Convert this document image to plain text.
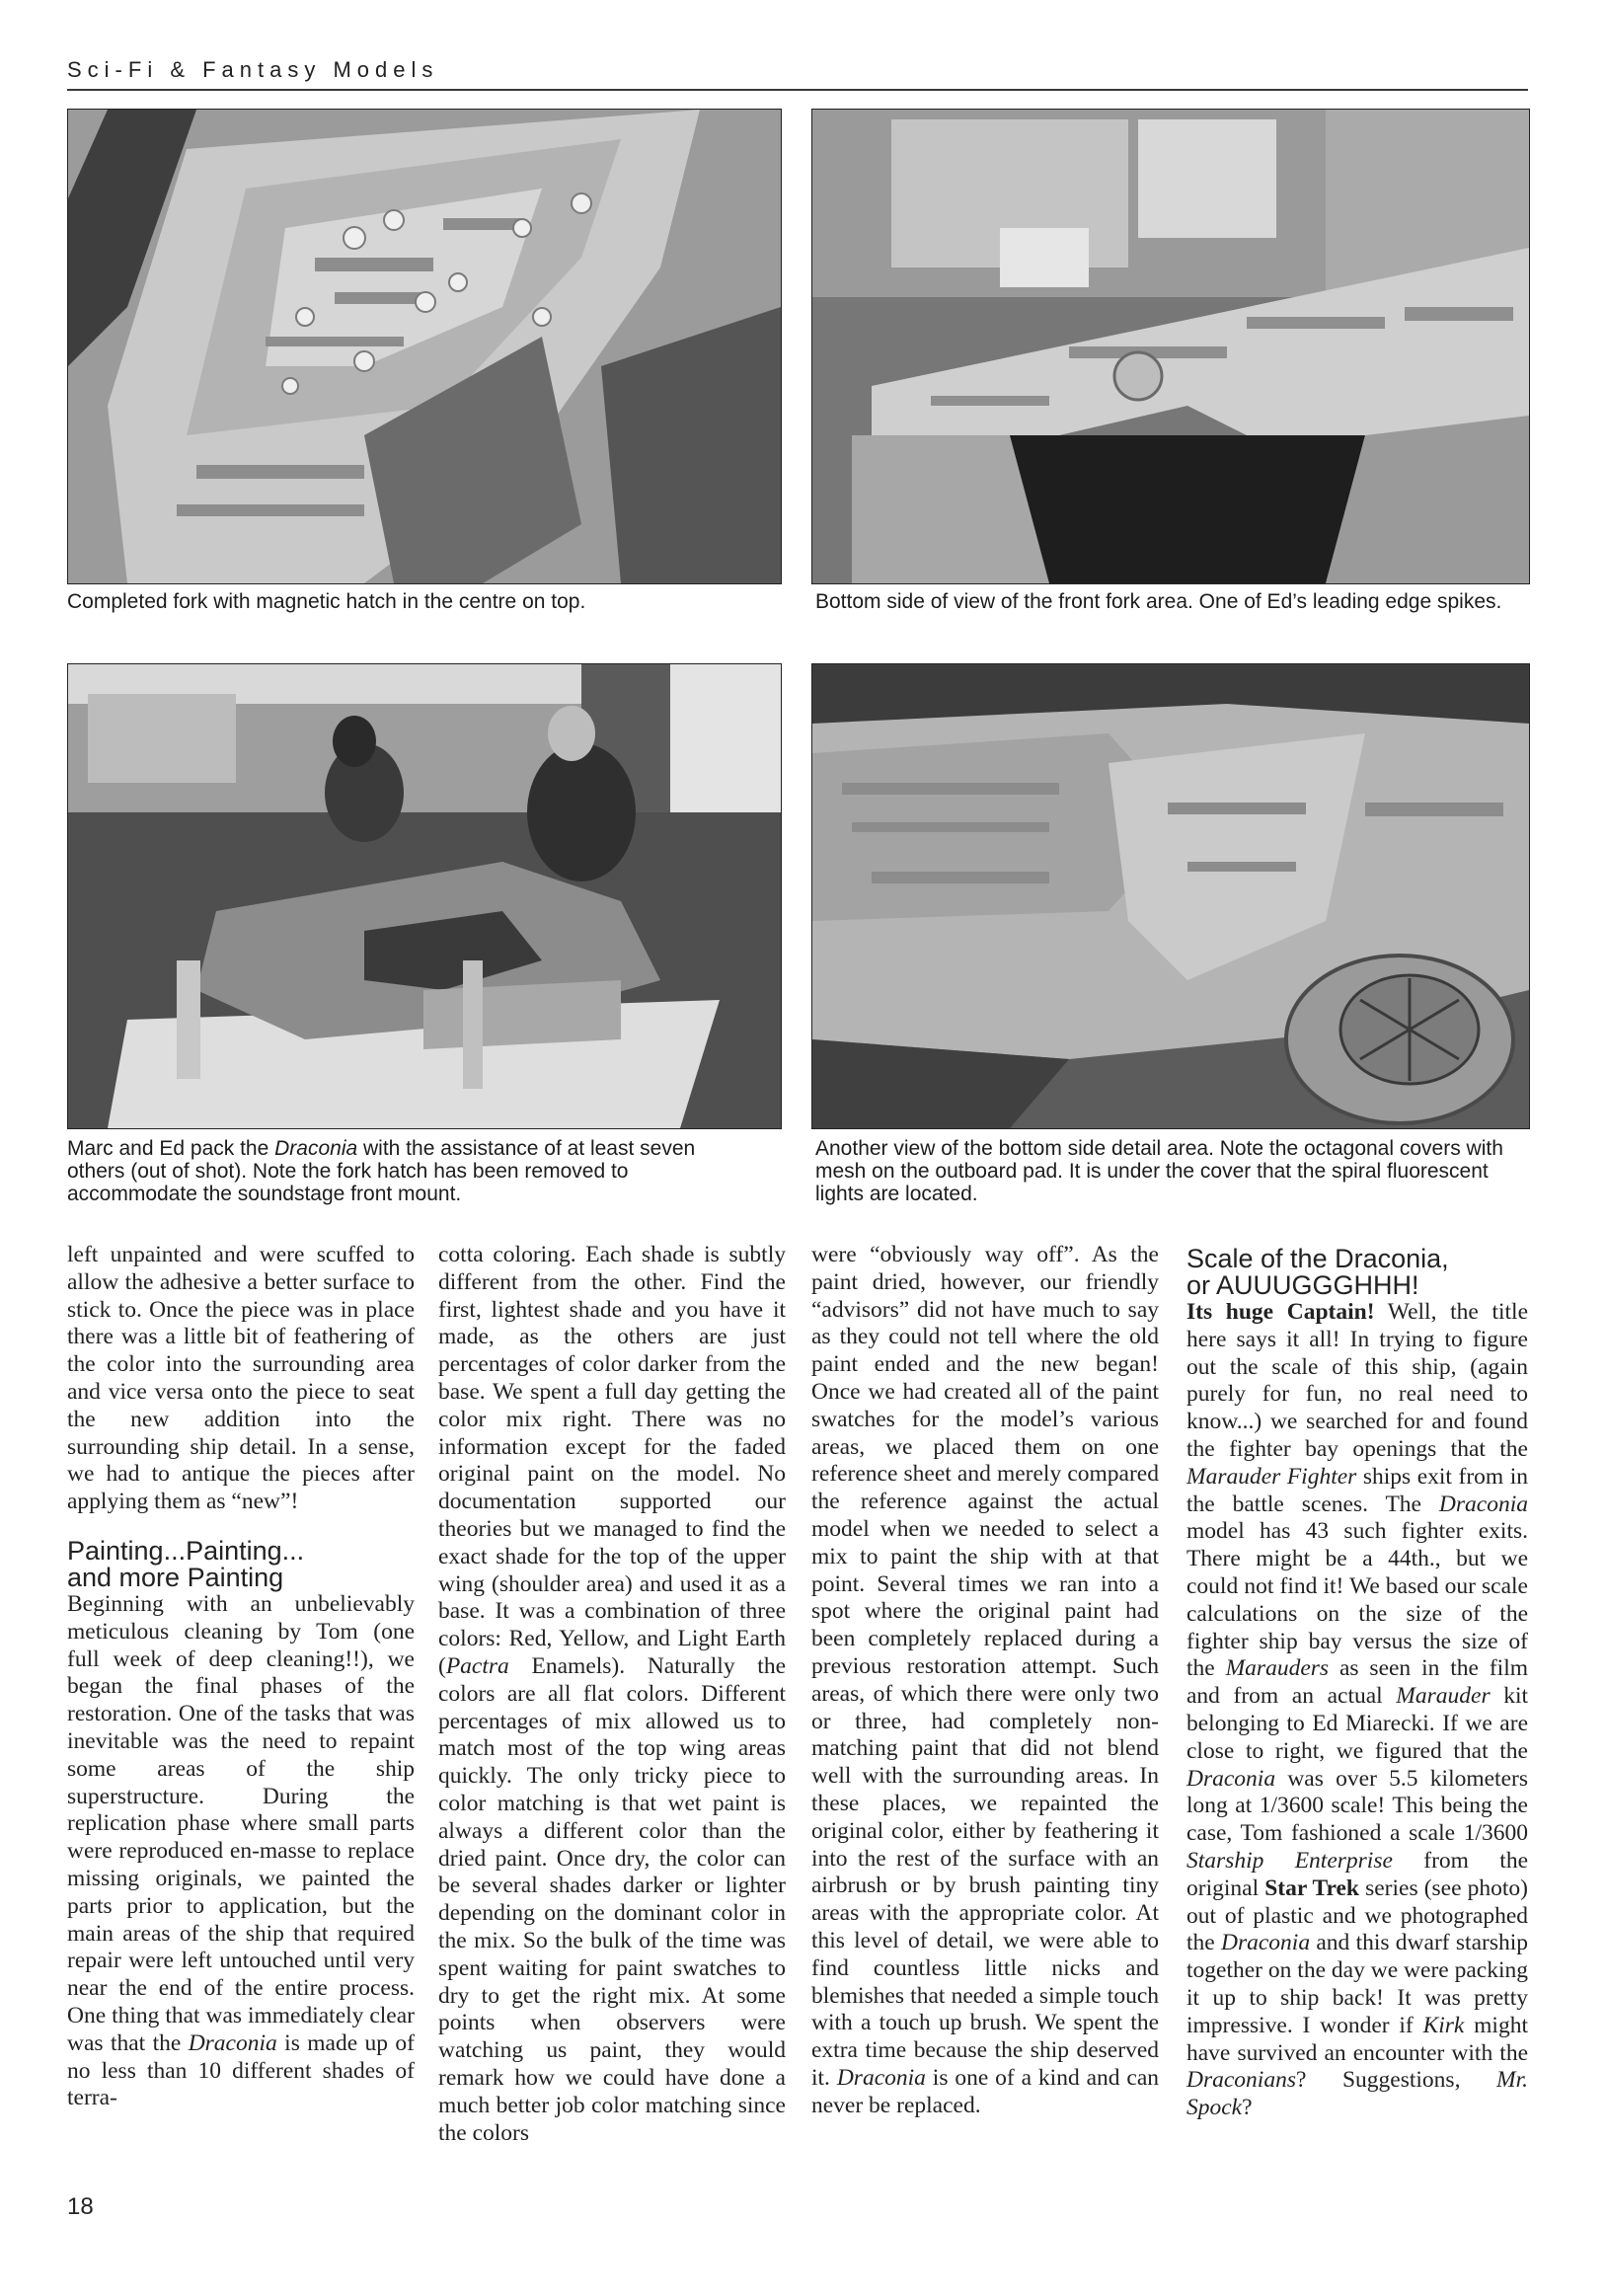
Sci-Fi & Fantasy Models
Completed fork with magnetic hatch in the centre on top.	Bottom side of view of the front fork area. One of Ed’s leading edge spikes.
Marc and Ed pack the Draconia with the assistance of at least seven others (out of shot). Note the fork hatch has been removed to accommodate the soundstage front mount.
Another view of the bottom side detail area. Note the octagonal covers with mesh on the outboard pad. It is under the cover that the spiral fluorescent lights are located.

left unpainted and were scuffed to allow the adhesive a better surface to stick to. Once the piece was in place there was a little bit of feathering of the color into the surrounding area and vice versa onto the piece to seat the new addition into the surrounding ship detail. In a sense, we had to antique the pieces after applying them as “new”!

Painting...Painting...
and more Painting

Beginning with an unbelievably meticulous cleaning by Tom (one full week of deep cleaning!!), we began the final phases of the restoration. One of the tasks that was inevitable was the need to repaint some areas of the ship superstructure. During the replication phase where small parts were reproduced en-masse to replace missing originals, we painted the parts prior to application, but the main areas of the ship that required repair were left untouched until very near the end of the entire process. One thing that was immediately clear was that the Draconia is made up of no less than 10 different shades of terra-

cotta coloring. Each shade is subtly different from the other. Find the first, lightest shade and you have it made, as the others are just percentages of color darker from the base. We spent a full day getting the color mix right. There was no information except for the faded original paint on the model. No documentation supported our theories but we managed to find the exact shade for the top of the upper wing (shoulder area) and used it as a base. It was a combination of three colors: Red, Yellow, and Light Earth (Pactra Enamels). Naturally the colors are all flat colors. Different percentages of mix allowed us to match most of the top wing areas quickly. The only tricky piece to color matching is that wet paint is always a different color than the dried paint. Once dry, the color can be several shades darker or lighter depending on the dominant color in the mix. So the bulk of the time was spent waiting for paint swatches to dry to get the right mix. At some points when observers were watching us paint, they would remark how we could have done a much better job color matching since the colors

were “obviously way off”. As the paint dried, however, our friendly “advisors” did not have much to say as they could not tell where the old paint ended and the new began! Once we had created all of the paint swatches for the model’s various areas, we placed them on one reference sheet and merely compared the reference against the actual model when we needed to select a mix to paint the ship with at that point. Several times we ran into a spot where the original paint had been completely replaced during a previous restoration attempt. Such areas, of which there were only two or three, had completely non-matching paint that did not blend well with the surrounding areas. In these places, we repainted the original color, either by feathering it into the rest of the surface with an airbrush or by brush painting tiny areas with the appropriate color. At this level of detail, we were able to find countless little nicks and blemishes that needed a simple touch with a touch up brush. We spent the extra time because the ship deserved it. Draconia is one of a kind and can never be replaced.

Scale of the Draconia,
or AUUUGGGHHH!

Its huge Captain! Well, the title here says it all! In trying to figure out the scale of this ship, (again purely for fun, no real need to know...) we searched for and found the fighter bay openings that the Marauder Fighter ships exit from in the battle scenes. The Draconia model has 43 such fighter exits. There might be a 44th., but we could not find it! We based our scale calculations on the size of the fighter ship bay versus the size of the Marauders as seen in the film and from an actual Marauder kit belonging to Ed Miarecki. If we are close to right, we figured that the Draconia was over 5.5 kilometers long at 1/3600 scale! This being the case, Tom fashioned a scale 1/3600 Starship Enterprise from the original Star Trek series (see photo) out of plastic and we photographed the Draconia and this dwarf starship together on the day we were packing it up to ship back! It was pretty impressive. I wonder if Kirk might have survived an encounter with the Draconians? Suggestions, Mr. Spock?

18
